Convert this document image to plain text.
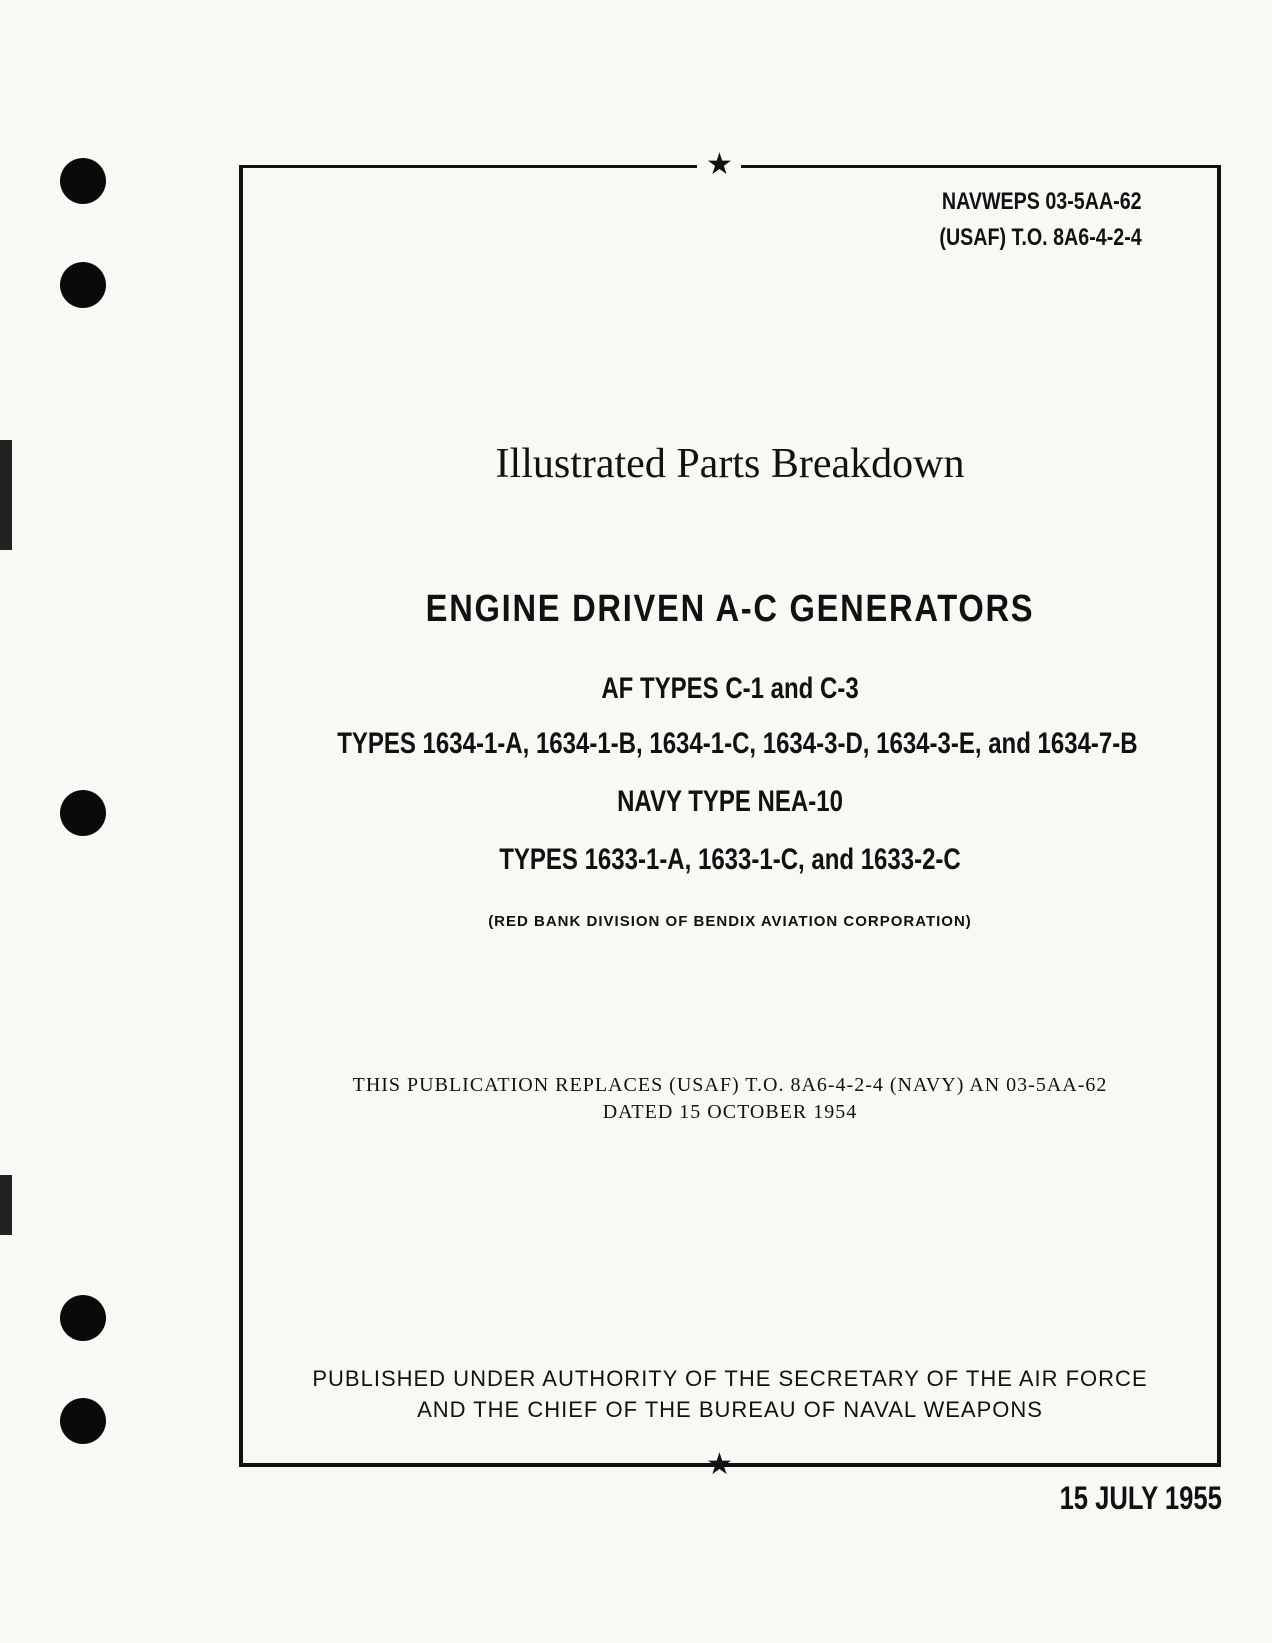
★
★
NAVWEPS 03-5AA-62
(USAF) T.O. 8A6-4-2-4
Illustrated Parts Breakdown
ENGINE DRIVEN A-C GENERATORS
AF TYPES C-1 and C-3
TYPES 1634-1-A, 1634-1-B, 1634-1-C, 1634-3-D, 1634-3-E, and 1634-7-B
NAVY TYPE NEA-10
TYPES 1633-1-A, 1633-1-C, and 1633-2-C
(RED BANK DIVISION OF BENDIX AVIATION CORPORATION)
THIS PUBLICATION REPLACES (USAF) T.O. 8A6-4-2-4 (NAVY) AN 03-5AA-62
DATED 15 OCTOBER 1954
PUBLISHED UNDER AUTHORITY OF THE SECRETARY OF THE AIR FORCE
AND THE CHIEF OF THE BUREAU OF NAVAL WEAPONS
15 JULY 1955
